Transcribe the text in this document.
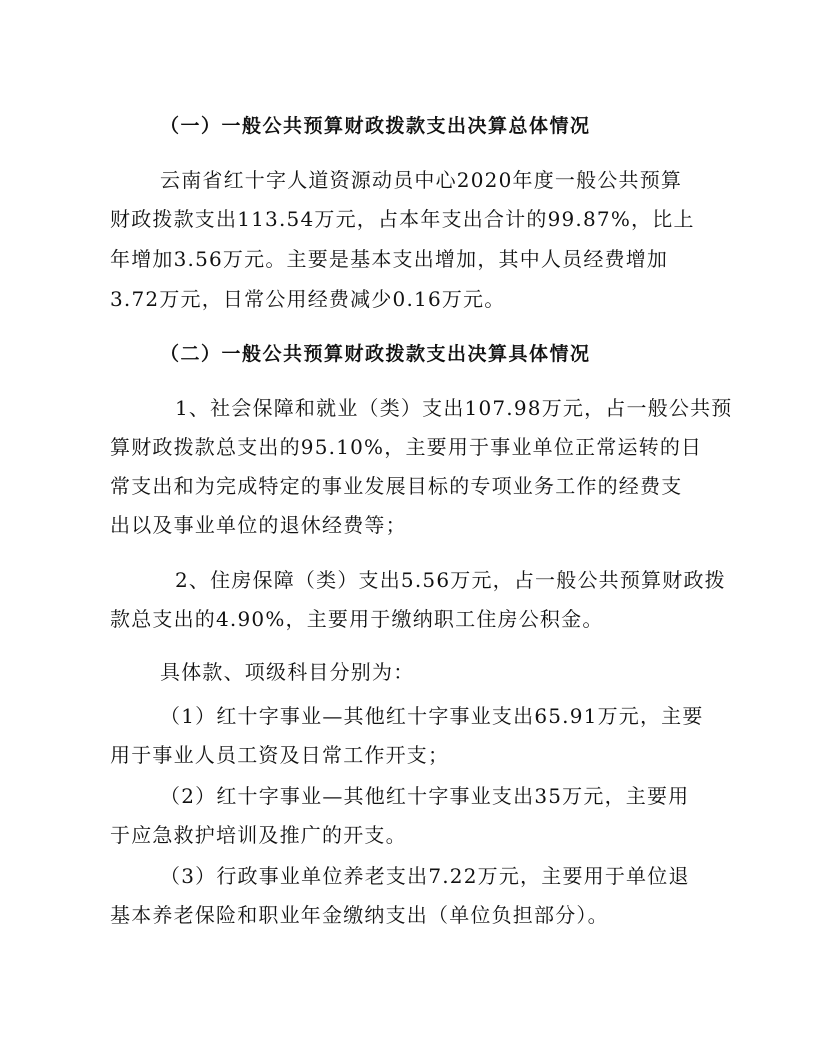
（一）一般公共预算财政拨款支出决算总体情况
云南省红十字人道资源动员中心2020年度一般公共预算
财政拨款支出113.54万元，占本年支出合计的99.87%，比上
年增加3.56万元。主要是基本支出增加，其中人员经费增加
3.72万元，日常公用经费减少0.16万元。
（二）一般公共预算财政拨款支出决算具体情况
1、社会保障和就业（类）支出107.98万元，占一般公共预
算财政拨款总支出的95.10%，主要用于事业单位正常运转的日
常支出和为完成特定的事业发展目标的专项业务工作的经费支
出以及事业单位的退休经费等；
2、住房保障（类）支出5.56万元，占一般公共预算财政拨
款总支出的4.90%，主要用于缴纳职工住房公积金。
具体款、项级科目分别为：
（1）红十字事业—其他红十字事业支出65.91万元，主要
用于事业人员工资及日常工作开支；
（2）红十字事业—其他红十字事业支出35万元，主要用
于应急救护培训及推广的开支。
（3）行政事业单位养老支出7.22万元，主要用于单位退
基本养老保险和职业年金缴纳支出（单位负担部分）。
